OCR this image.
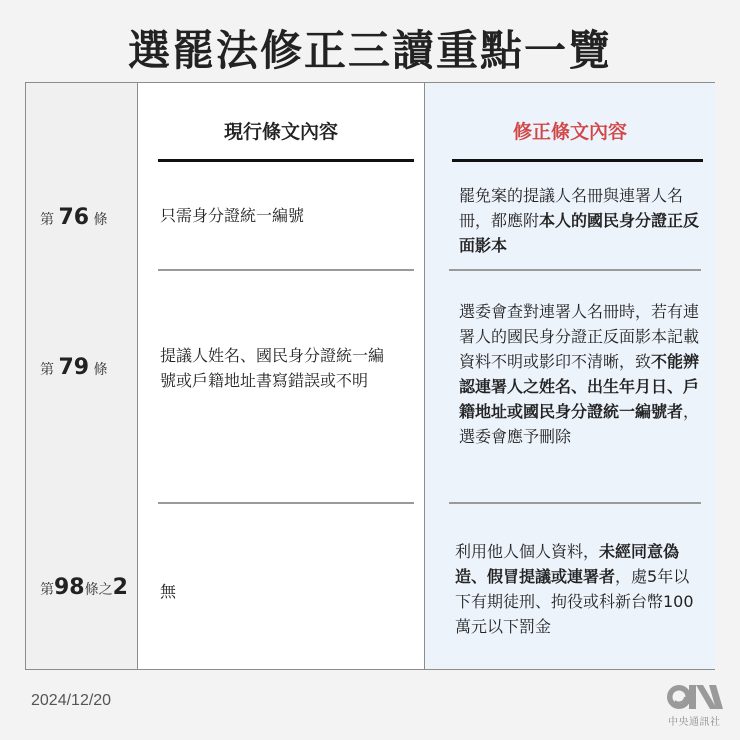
選罷法修正三讀重點一覽
第 76 條
第 79 條
第98條之2
現行條文內容
只需身分證統一編號
提議人姓名、國民身分證統一編號或戶籍地址書寫錯誤或不明
無
修正條文內容
罷免案的提議人名冊與連署人名冊，都應附本人的國民身分證正反面影本
選委會查對連署人名冊時，若有連署人的國民身分證正反面影本記載資料不明或影印不清晰，致不能辨認連署人之姓名、出生年月日、戶籍地址或國民身分證統一編號者，選委會應予刪除
利用他人個人資料，未經同意偽造、假冒提議或連署者，處5年以下有期徒刑、拘役或科新台幣100萬元以下罰金
2024/12/20
中央通訊社
